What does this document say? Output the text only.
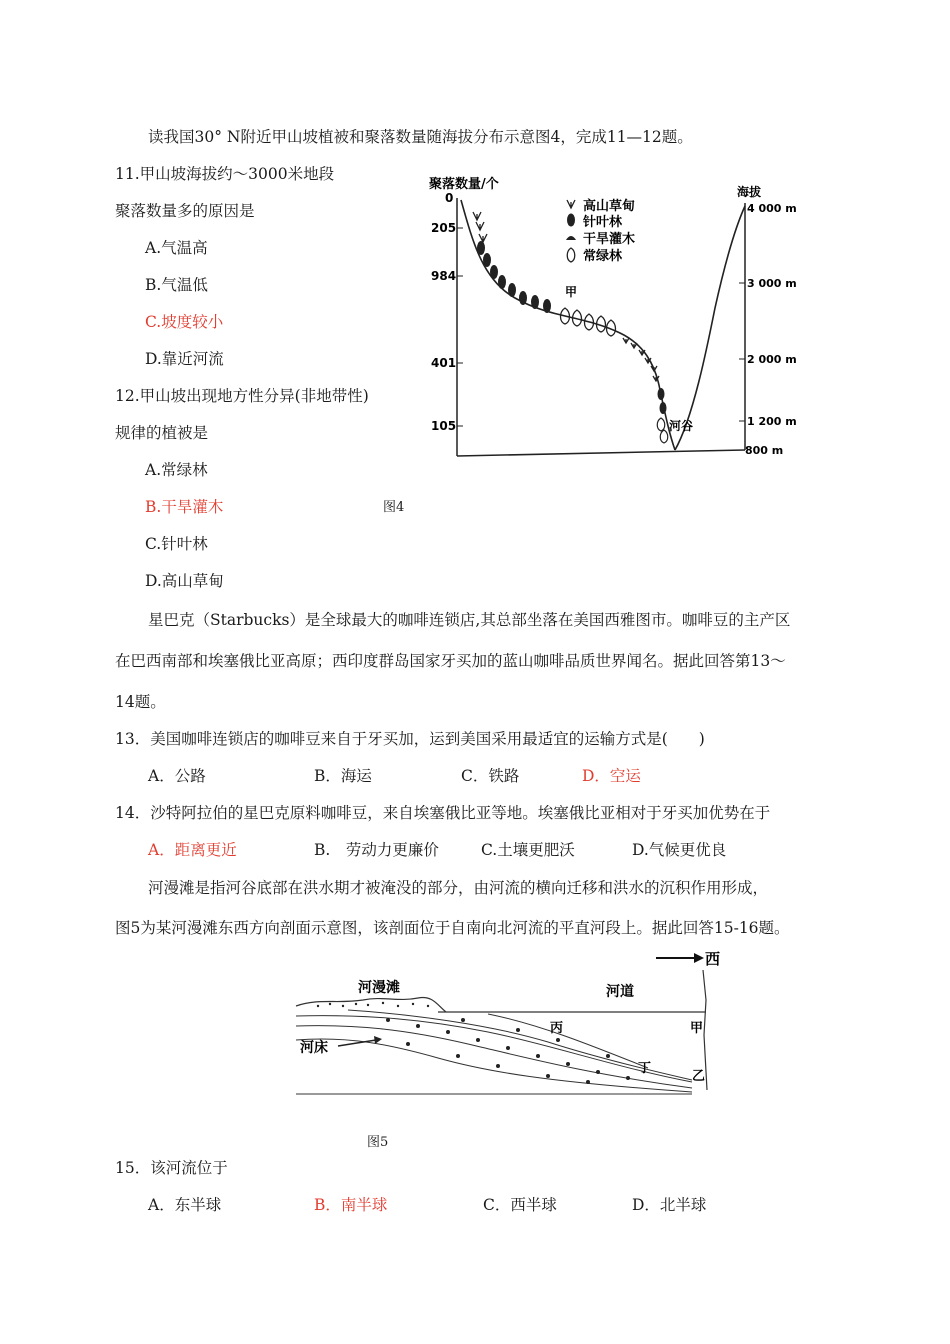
读我国30° N附近甲山坡植被和聚落数量随海拔分布示意图4，完成11—12题。
11.甲山坡海拔约～3000米地段
聚落数量多的原因是
A.气温高
B.气温低
C.坡度较小
D.靠近河流
12.甲山坡出现地方性分异(非地带性)
规律的植被是
A.常绿林
B.干旱灌木
C.针叶林
D.高山草甸
聚落数量/个	海拔
0
205
984
401
105
4 000 m
3 000 m
2 000 m
1 200 m
800 m
甲
河谷
高山草甸
针叶林
干旱灌木
常绿林
图4
星巴克（Starbucks）是全球最大的咖啡连锁店,其总部坐落在美国西雅图市。咖啡豆的主产区
在巴西南部和埃塞俄比亚高原；西印度群岛国家牙买加的蓝山咖啡品质世界闻名。据此回答第13～
14题。
13．美国咖啡连锁店的咖啡豆来自于牙买加，运到美国采用最适宜的运输方式是(　　)
A．公路	B．海运	C．铁路	D．空运
14．沙特阿拉伯的星巴克原料咖啡豆，来自埃塞俄比亚等地。埃塞俄比亚相对于牙买加优势在于
A．距离更近	B.　劳动力更廉价	C.土壤更肥沃	D.气候更优良
河漫滩是指河谷底部在洪水期才被淹没的部分，由河流的横向迁移和洪水的沉积作用形成，
图5为某河漫滩东西方向剖面示意图，该剖面位于自南向北河流的平直河段上。据此回答15-16题。
西
河漫滩	河道
河床
丙	甲
丁
乙
图5
15．该河流位于
A．东半球	B．南半球	C．西半球	D．北半球
